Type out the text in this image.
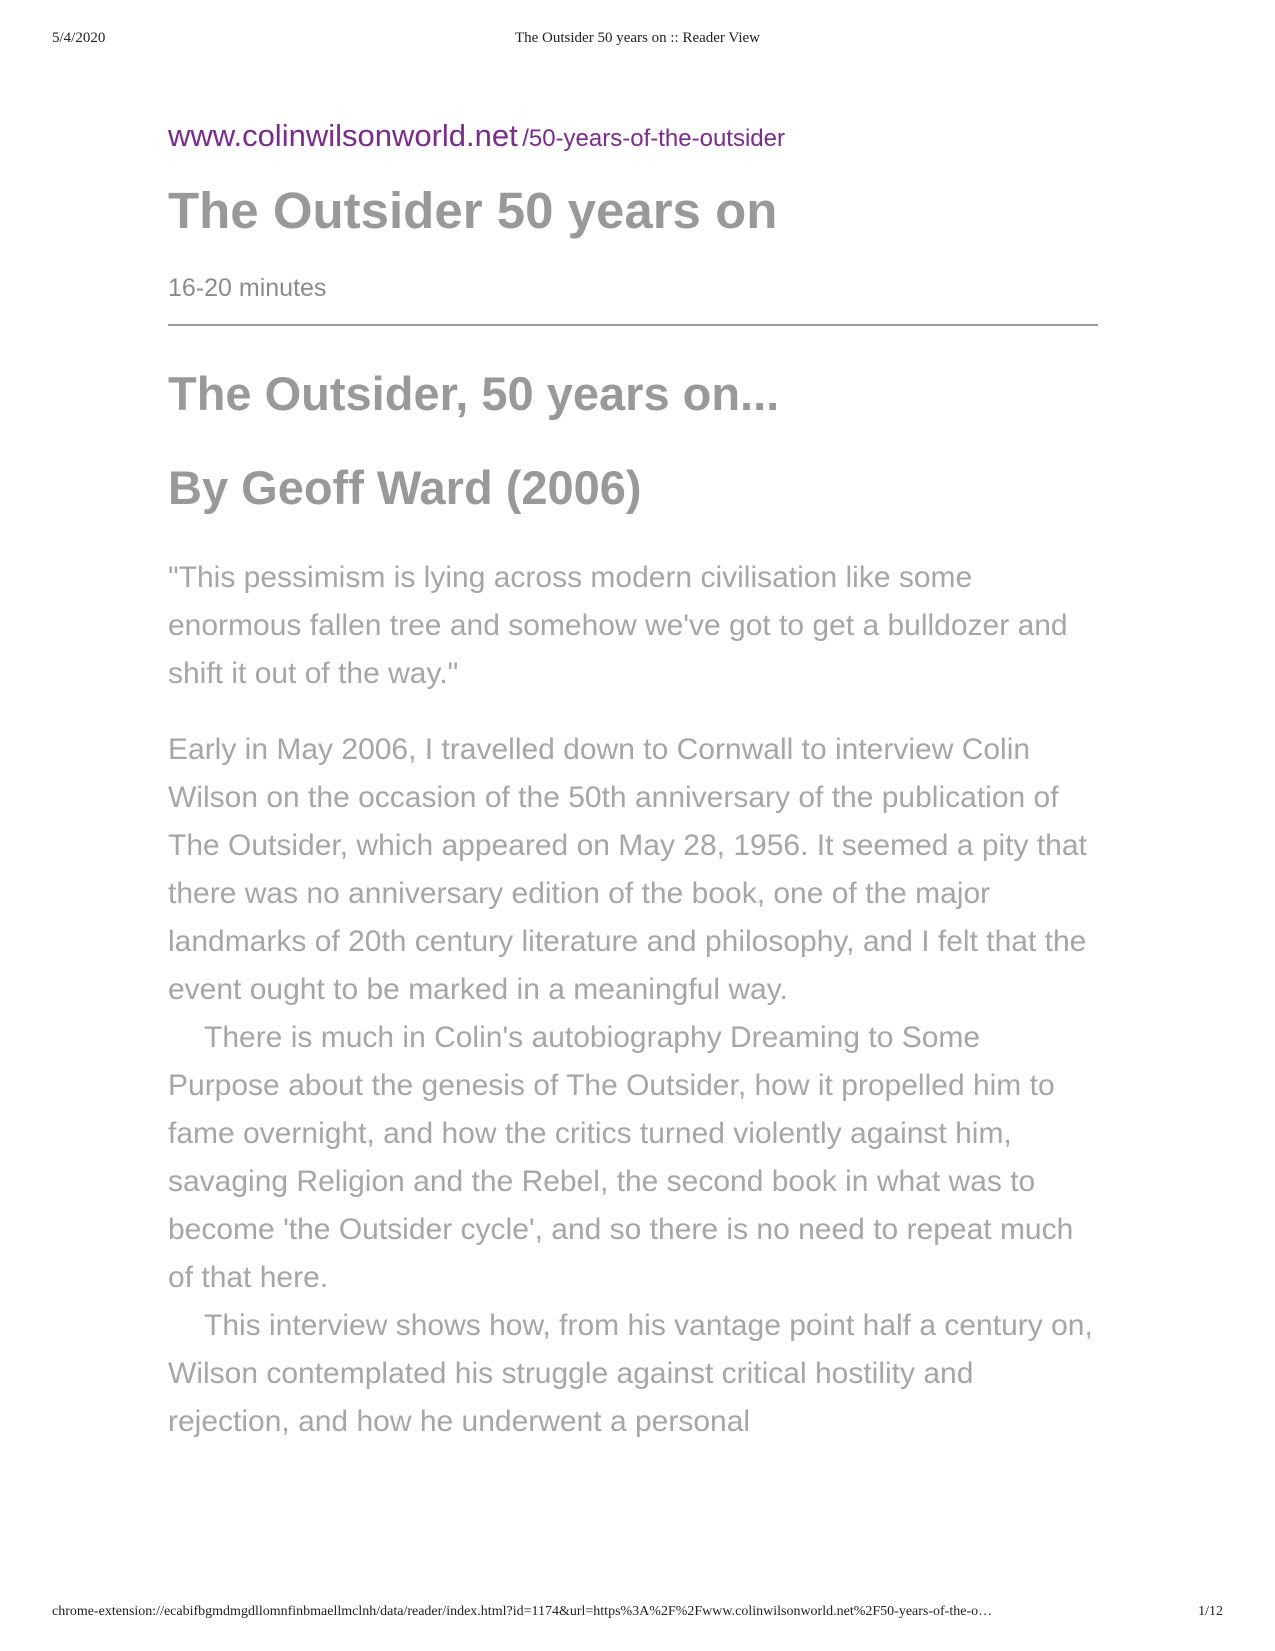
5/4/2020	The Outsider 50 years on :: Reader View

www.colinwilsonworld.net /50-years-of-the-outsider

The Outsider 50 years on

16-20 minutes

The Outsider, 50 years on...
By Geoff Ward (2006)

"This pessimism is lying across modern civilisation like some enormous fallen tree and somehow we've got to get a bulldozer and shift it out of the way."

Early in May 2006, I travelled down to Cornwall to interview Colin Wilson on the occasion of the 50th anniversary of the publication of The Outsider, which appeared on May 28, 1956. It seemed a pity that there was no anniversary edition of the book, one of the major landmarks of 20th century literature and philosophy, and I felt that the event ought to be marked in a meaningful way.

There is much in Colin's autobiography Dreaming to Some Purpose about the genesis of The Outsider, how it propelled him to fame overnight, and how the critics turned violently against him, savaging Religion and the Rebel, the second book in what was to become 'the Outsider cycle', and so there is no need to repeat much of that here.

This interview shows how, from his vantage point half a century on, Wilson contemplated his struggle against critical hostility and rejection, and how he underwent a personal

chrome-extension://ecabifbgmdmgdllomnfinbmaellmclnh/data/reader/index.html?id=1174&url=https%3A%2F%2Fwww.colinwilsonworld.net%2F50-years-of-the-o…	1/12
